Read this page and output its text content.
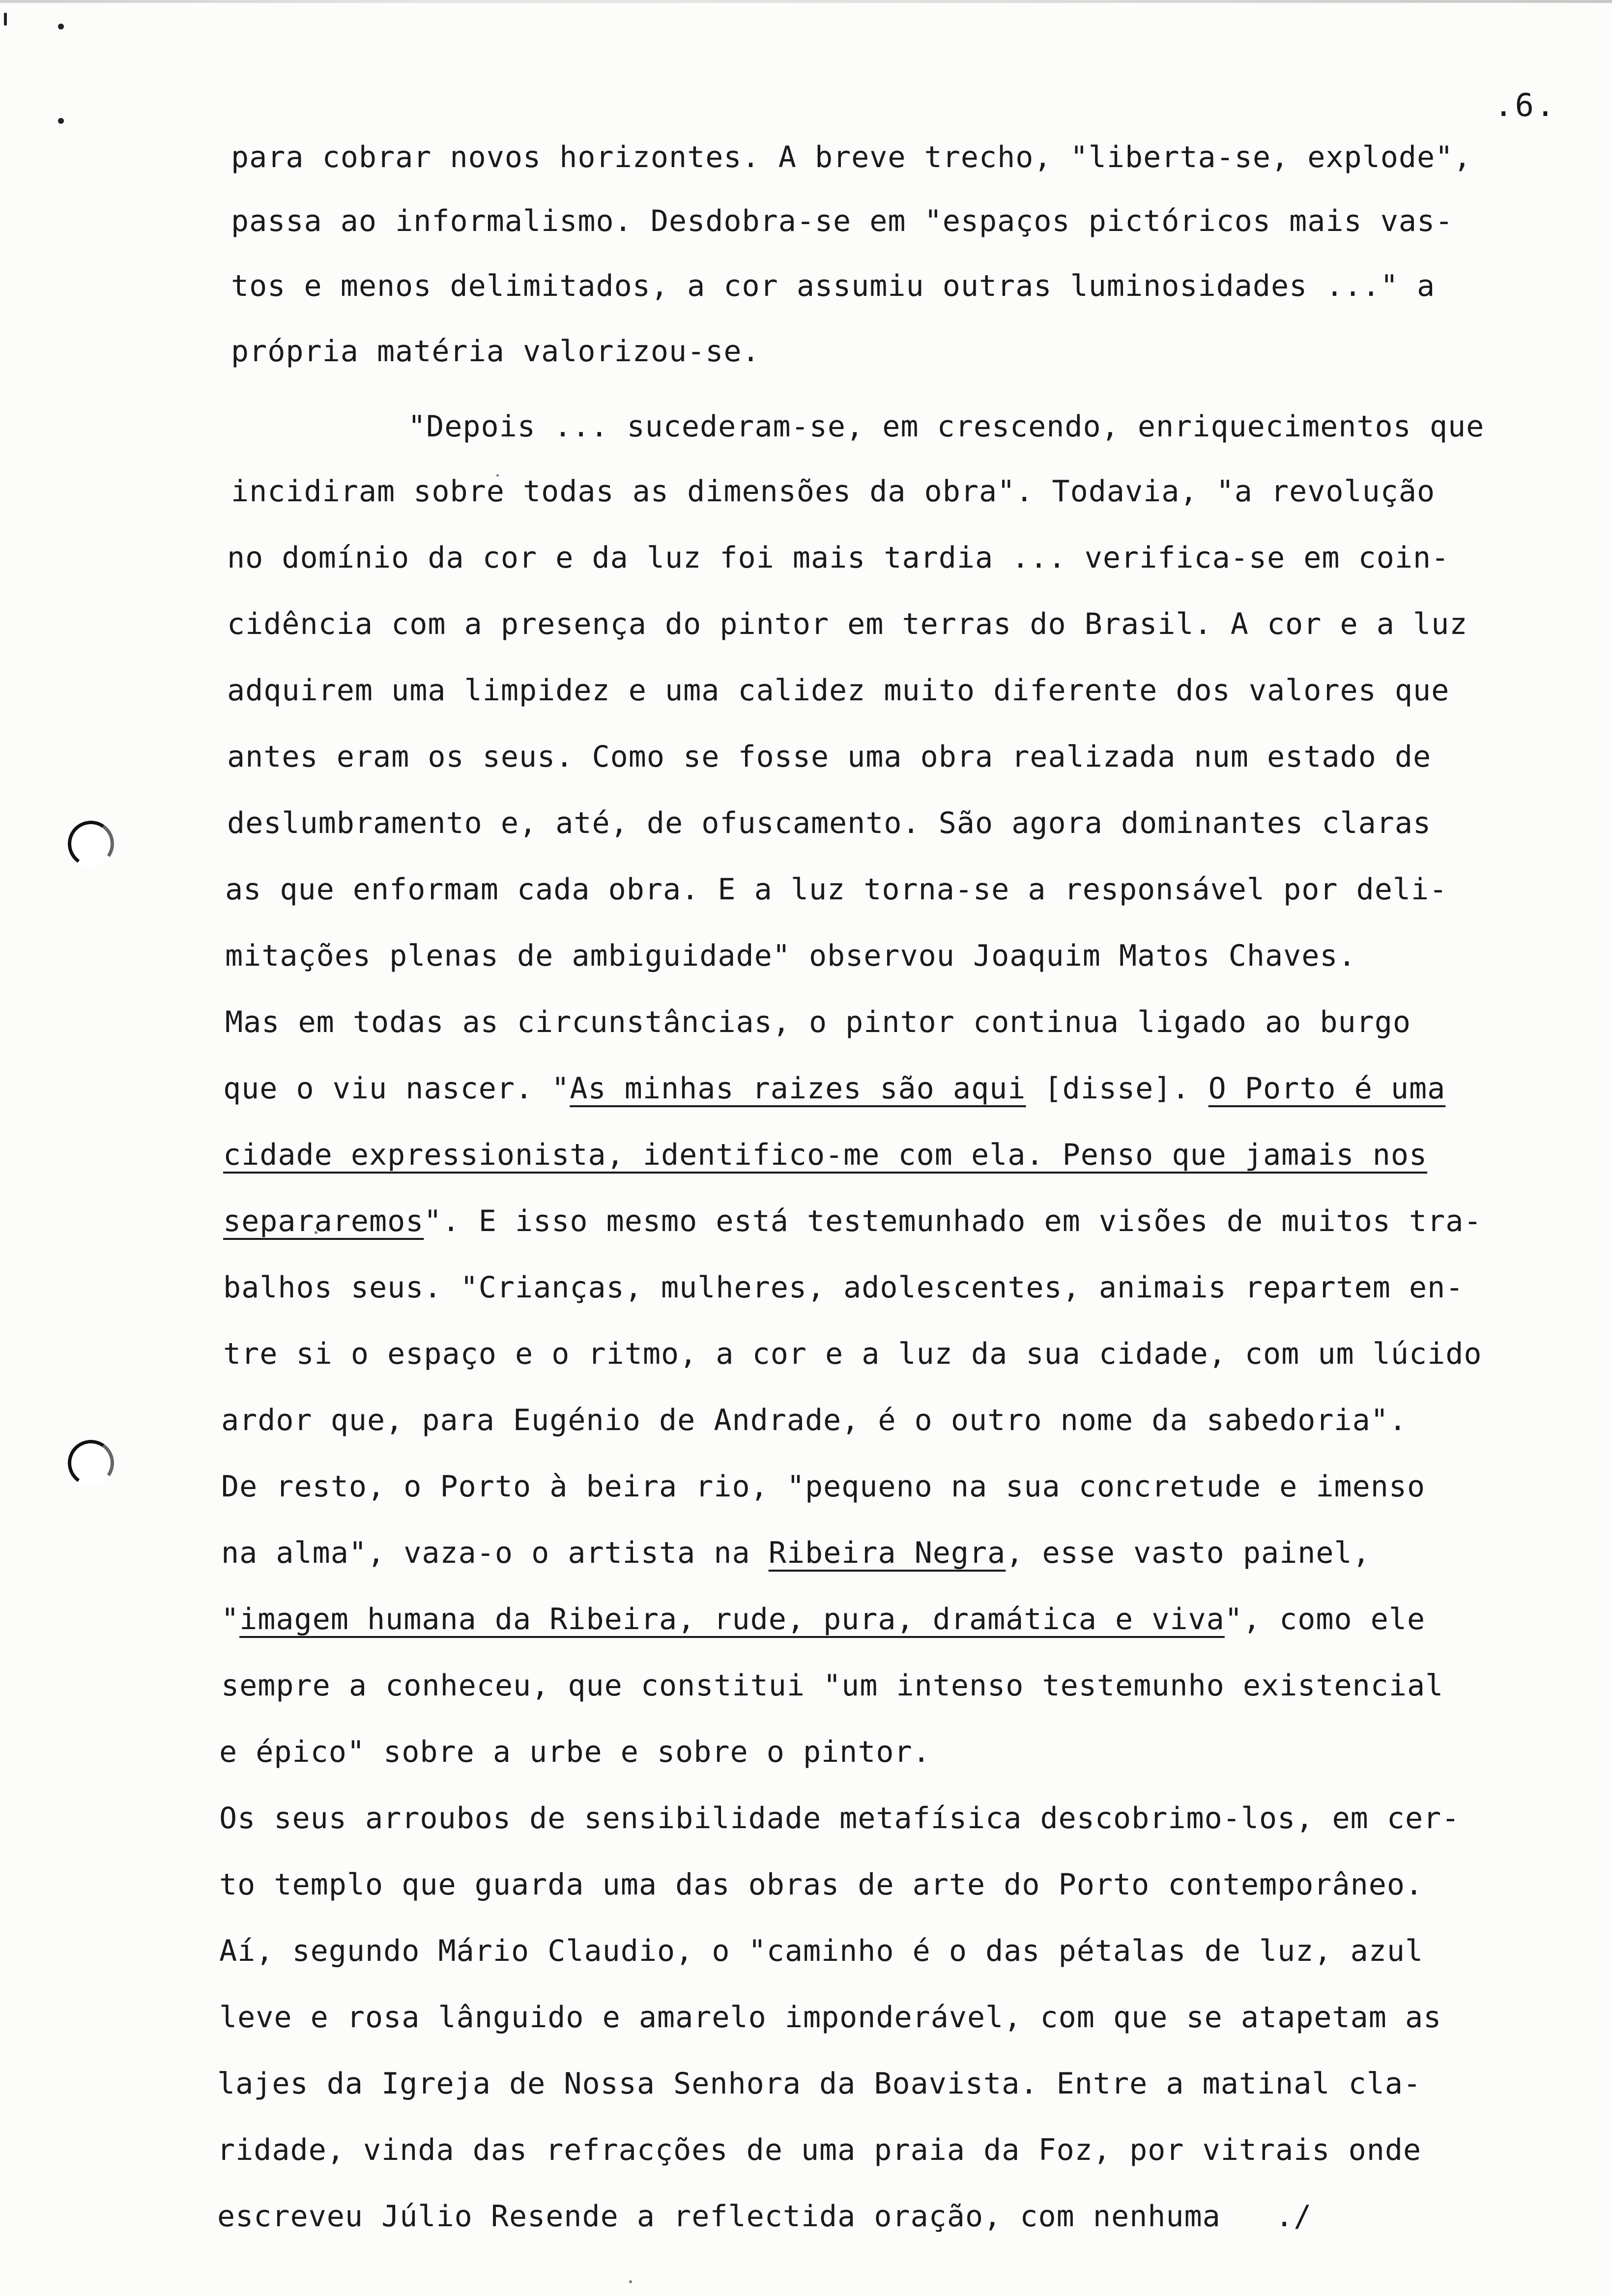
.6.
para cobrar novos horizontes. A breve trecho, "liberta-se, explode",
passa ao informalismo. Desdobra-se em "espaços pictóricos mais vas-
tos e menos delimitados, a cor assumiu outras luminosidades ..." a
própria matéria valorizou-se.
"Depois ... sucederam-se, em crescendo, enriquecimentos que
incidiram sobre todas as dimensões da obra". Todavia, "a revolução
no domínio da cor e da luz foi mais tardia ... verifica-se em coin-
cidência com a presença do pintor em terras do Brasil. A cor e a luz
adquirem uma limpidez e uma calidez muito diferente dos valores que
antes eram os seus. Como se fosse uma obra realizada num estado de
deslumbramento e, até, de ofuscamento. São agora dominantes claras
as que enformam cada obra. E a luz torna-se a responsável por deli-
mitações plenas de ambiguidade" observou Joaquim Matos Chaves.
Mas em todas as circunstâncias, o pintor continua ligado ao burgo
que o viu nascer. "As minhas raizes são aqui [disse]. O Porto é uma
cidade expressionista, identifico-me com ela. Penso que jamais nos
separaremos". E isso mesmo está testemunhado em visões de muitos tra-
balhos seus. "Crianças, mulheres, adolescentes, animais repartem en-
tre si o espaço e o ritmo, a cor e a luz da sua cidade, com um lúcido
ardor que, para Eugénio de Andrade, é o outro nome da sabedoria".
De resto, o Porto à beira rio, "pequeno na sua concretude e imenso
na alma", vaza-o o artista na Ribeira Negra, esse vasto painel,
"imagem humana da Ribeira, rude, pura, dramática e viva", como ele
sempre a conheceu, que constitui "um intenso testemunho existencial
e épico" sobre a urbe e sobre o pintor.
Os seus arroubos de sensibilidade metafísica descobrimo-los, em cer-
to templo que guarda uma das obras de arte do Porto contemporâneo.
Aí, segundo Mário Claudio, o "caminho é o das pétalas de luz, azul
leve e rosa lânguido e amarelo imponderável, com que se atapetam as
lajes da Igreja de Nossa Senhora da Boavista. Entre a matinal cla-
ridade, vinda das refracções de uma praia da Foz, por vitrais onde
escreveu Júlio Resende a reflectida oração, com nenhuma   ./
